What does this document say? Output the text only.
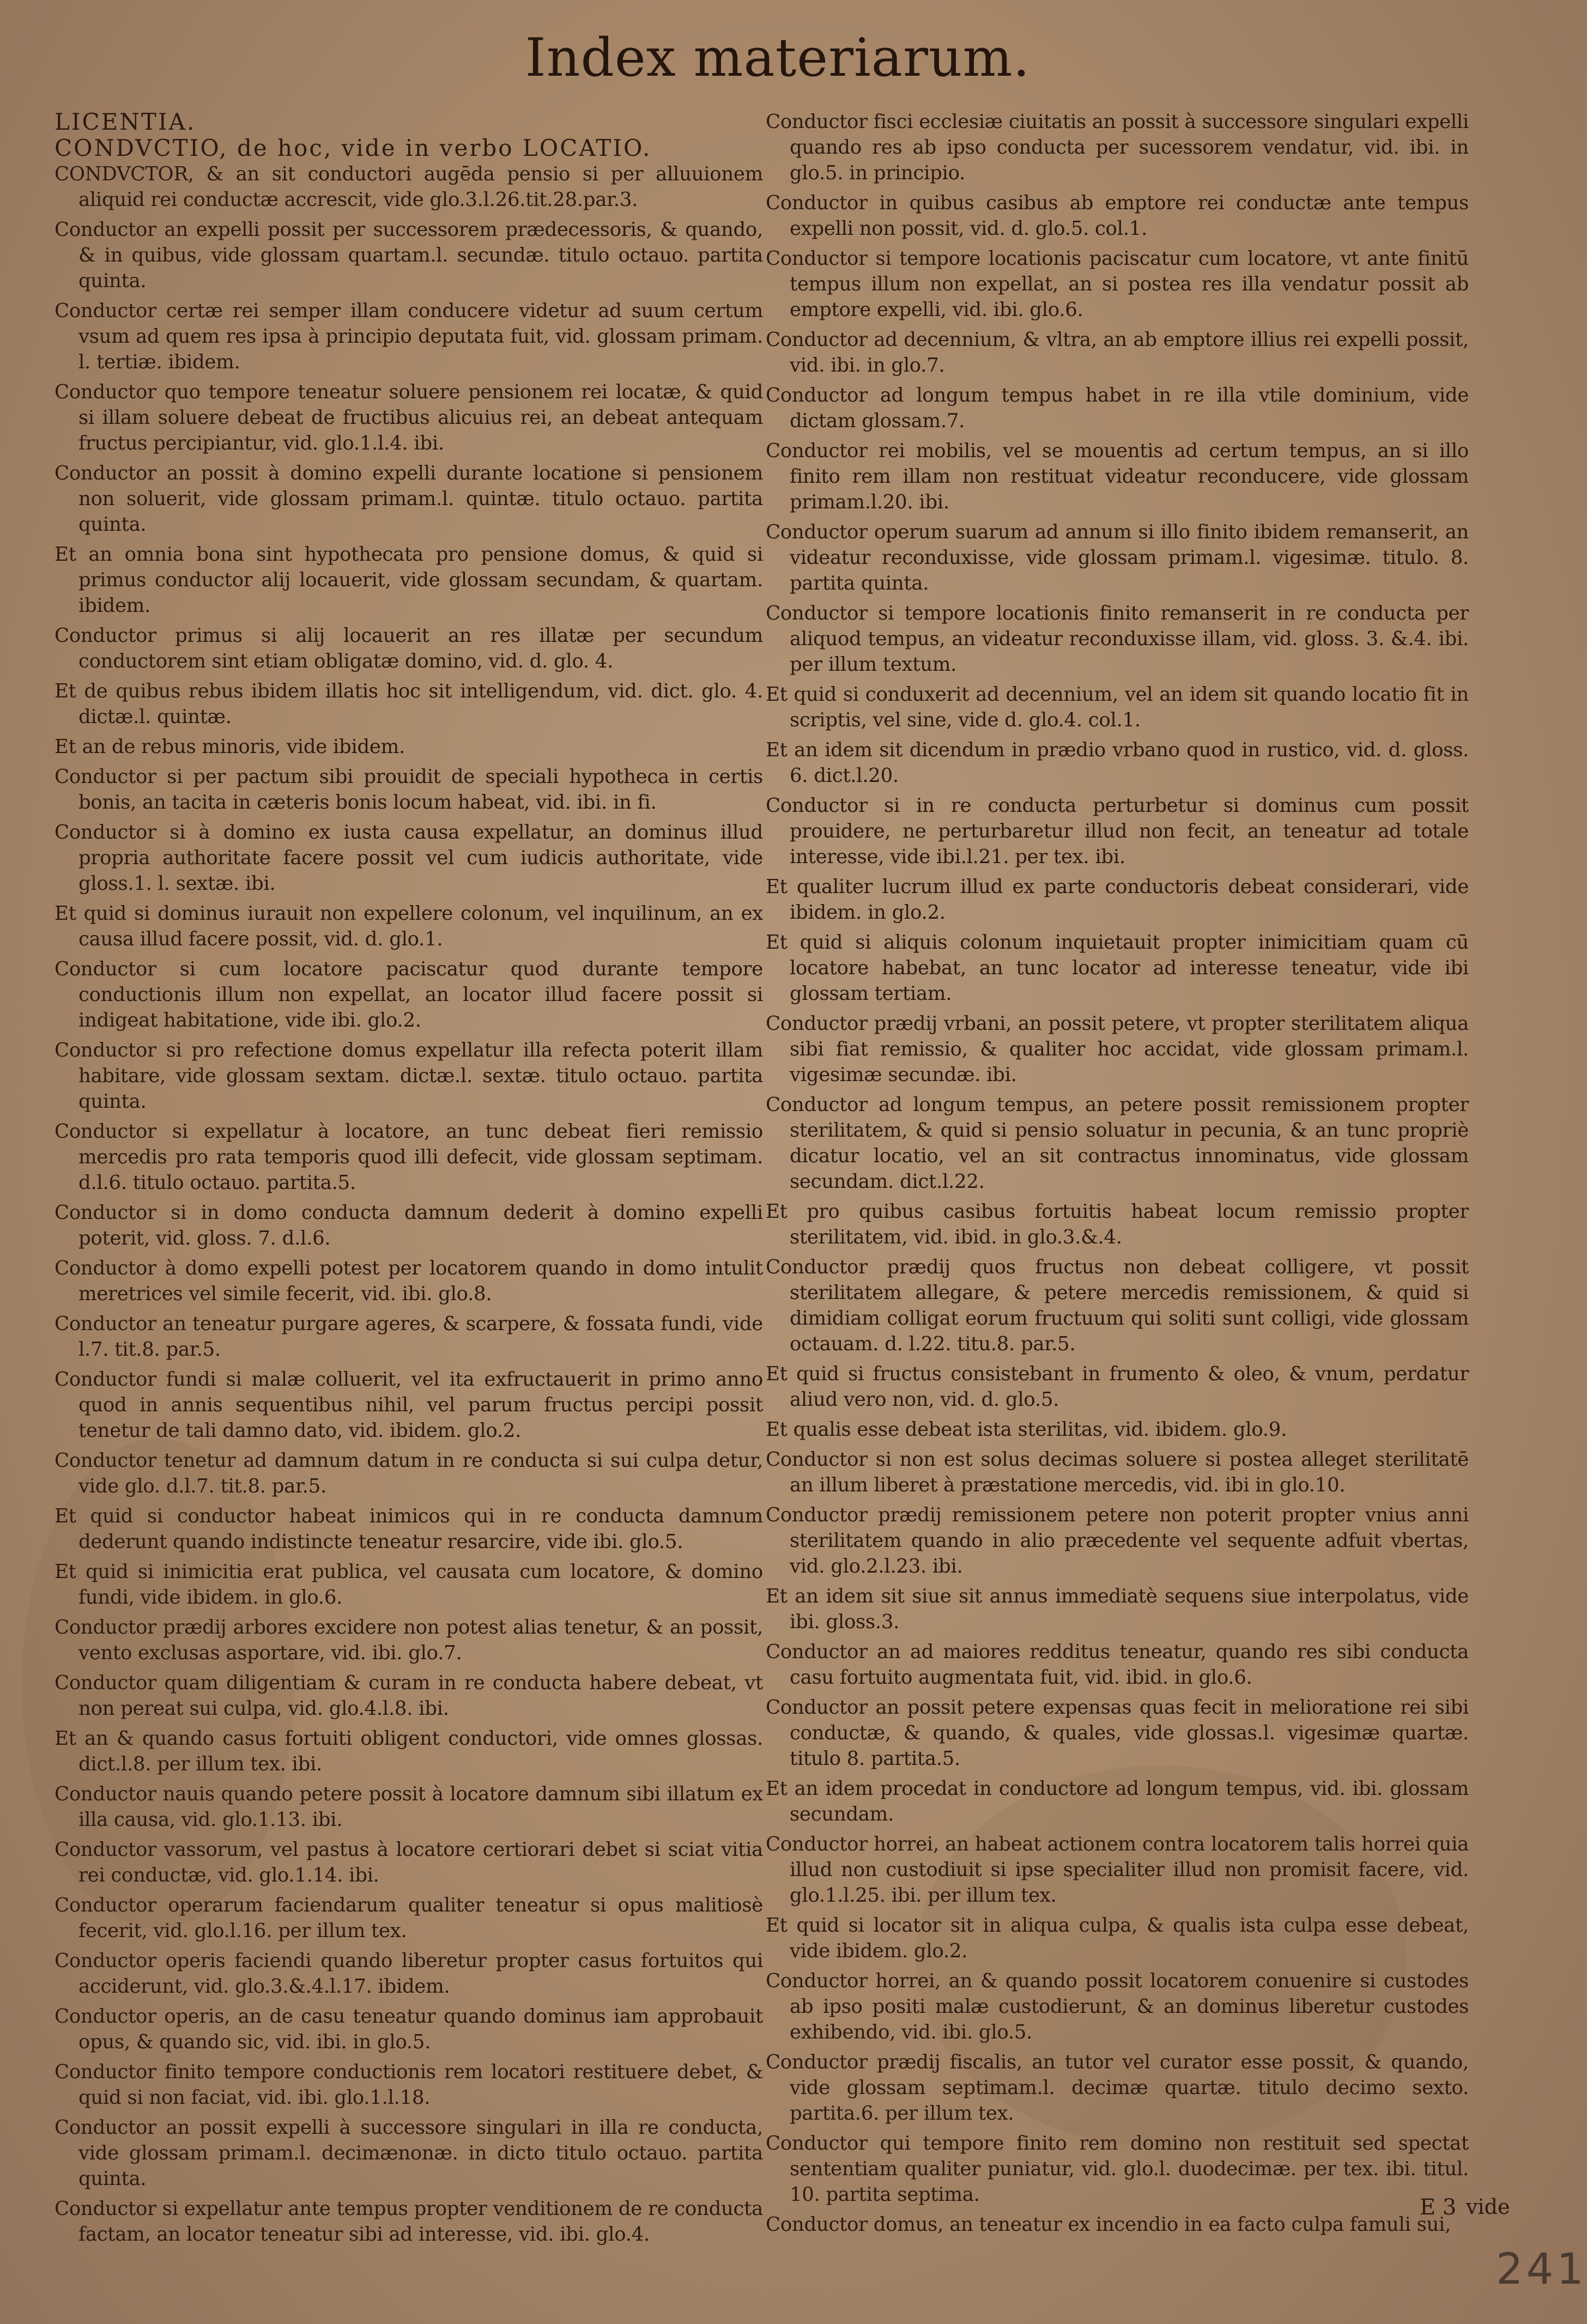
Index materiarum.

LICENTIA.

CONDVCTIO, de hoc, vide in verbo LOCATIO.

CONDVCTOR, & an sit conductori augēda pensio si per alluuionem aliquid rei conductæ accrescit, vide glo.3.l.26.tit.28.par.3.

Conductor an expelli possit per successorem prædecessoris, & quando, & in quibus, vide glossam quartam.l. secundæ. titulo octauo. partita quinta.

Conductor certæ rei semper illam conducere videtur ad suum certum vsum ad quem res ipsa à principio deputata fuit, vid. glossam primam. l. tertiæ. ibidem.

Conductor quo tempore teneatur soluere pensionem rei locatæ, & quid si illam soluere debeat de fructibus alicuius rei, an debeat antequam fructus percipiantur, vid. glo.1.l.4. ibi.

Conductor an possit à domino expelli durante locatione si pensionem non soluerit, vide glossam primam.l. quintæ. titulo octauo. partita quinta.

Et an omnia bona sint hypothecata pro pensione domus, & quid si primus conductor alij locauerit, vide glossam secundam, & quartam. ibidem.

Conductor primus si alij locauerit an res illatæ per secundum conductorem sint etiam obligatæ domino, vid. d. glo. 4.

Et de quibus rebus ibidem illatis hoc sit intelligendum, vid. dict. glo. 4. dictæ.l. quintæ.

Et an de rebus minoris, vide ibidem.

Conductor si per pactum sibi prouidit de speciali hypotheca in certis bonis, an tacita in cæteris bonis locum habeat, vid. ibi. in fi.

Conductor si à domino ex iusta causa expellatur, an dominus illud propria authoritate facere possit vel cum iudicis authoritate, vide gloss.1. l. sextæ. ibi.

Et quid si dominus iurauit non expellere colonum, vel inquilinum, an ex causa illud facere possit, vid. d. glo.1.

Conductor si cum locatore paciscatur quod durante tempore conductionis illum non expellat, an locator illud facere possit si indigeat habitatione, vide ibi. glo.2.

Conductor si pro refectione domus expellatur illa refecta poterit illam habitare, vide glossam sextam. dictæ.l. sextæ. titulo octauo. partita quinta.

Conductor si expellatur à locatore, an tunc debeat fieri remissio mercedis pro rata temporis quod illi defecit, vide glossam septimam. d.l.6. titulo octauo. partita.5.

Conductor si in domo conducta damnum dederit à domino expelli poterit, vid. gloss. 7. d.l.6.

Conductor à domo expelli potest per locatorem quando in domo intulit meretrices vel simile fecerit, vid. ibi. glo.8.

Conductor an teneatur purgare ageres, & scarpere, & fossata fundi, vide l.7. tit.8. par.5.

Conductor fundi si malæ colluerit, vel ita exfructauerit in primo anno quod in annis sequentibus nihil, vel parum fructus percipi possit tenetur de tali damno dato, vid. ibidem. glo.2.

Conductor tenetur ad damnum datum in re conducta si sui culpa detur, vide glo. d.l.7. tit.8. par.5.

Et quid si conductor habeat inimicos qui in re conducta damnum dederunt quando indistincte teneatur resarcire, vide ibi. glo.5.

Et quid si inimicitia erat publica, vel causata cum locatore, & domino fundi, vide ibidem. in glo.6.

Conductor prædij arbores excidere non potest alias tenetur, & an possit, vento exclusas asportare, vid. ibi. glo.7.

Conductor quam diligentiam & curam in re conducta habere debeat, vt non pereat sui culpa, vid. glo.4.l.8. ibi.

Et an & quando casus fortuiti obligent conductori, vide omnes glossas. dict.l.8. per illum tex. ibi.

Conductor nauis quando petere possit à locatore damnum sibi illatum ex illa causa, vid. glo.1.13. ibi.

Conductor vassorum, vel pastus à locatore certiorari debet si sciat vitia rei conductæ, vid. glo.1.14. ibi.

Conductor operarum faciendarum qualiter teneatur si opus malitiosè fecerit, vid. glo.l.16. per illum tex.

Conductor operis faciendi quando liberetur propter casus fortuitos qui acciderunt, vid. glo.3.&.4.l.17. ibidem.

Conductor operis, an de casu teneatur quando dominus iam approbauit opus, & quando sic, vid. ibi. in glo.5.

Conductor finito tempore conductionis rem locatori restituere debet, & quid si non faciat, vid. ibi. glo.1.l.18.

Conductor an possit expelli à successore singulari in illa re conducta, vide glossam primam.l. decimænonæ. in dicto titulo octauo. partita quinta.

Conductor si expellatur ante tempus propter venditionem de re conducta factam, an locator teneatur sibi ad interesse, vid. ibi. glo.4.

Conductor fisci ecclesiæ ciuitatis an possit à successore singulari expelli quando res ab ipso conducta per sucessorem vendatur, vid. ibi. in glo.5. in principio.

Conductor in quibus casibus ab emptore rei conductæ ante tempus expelli non possit, vid. d. glo.5. col.1.

Conductor si tempore locationis paciscatur cum locatore, vt ante finitū tempus illum non expellat, an si postea res illa vendatur possit ab emptore expelli, vid. ibi. glo.6.

Conductor ad decennium, & vltra, an ab emptore illius rei expelli possit, vid. ibi. in glo.7.

Conductor ad longum tempus habet in re illa vtile dominium, vide dictam glossam.7.

Conductor rei mobilis, vel se mouentis ad certum tempus, an si illo finito rem illam non restituat videatur reconducere, vide glossam primam.l.20. ibi.

Conductor operum suarum ad annum si illo finito ibidem remanserit, an videatur reconduxisse, vide glossam primam.l. vigesimæ. titulo. 8. partita quinta.

Conductor si tempore locationis finito remanserit in re conducta per aliquod tempus, an videatur reconduxisse illam, vid. gloss. 3. &.4. ibi. per illum textum.

Et quid si conduxerit ad decennium, vel an idem sit quando locatio fit in scriptis, vel sine, vide d. glo.4. col.1.

Et an idem sit dicendum in prædio vrbano quod in rustico, vid. d. gloss. 6. dict.l.20.

Conductor si in re conducta perturbetur si dominus cum possit prouidere, ne perturbaretur illud non fecit, an teneatur ad totale interesse, vide ibi.l.21. per tex. ibi.

Et qualiter lucrum illud ex parte conductoris debeat considerari, vide ibidem. in glo.2.

Et quid si aliquis colonum inquietauit propter inimicitiam quam cū locatore habebat, an tunc locator ad interesse teneatur, vide ibi glossam tertiam.

Conductor prædij vrbani, an possit petere, vt propter sterilitatem aliqua sibi fiat remissio, & qualiter hoc accidat, vide glossam primam.l. vigesimæ secundæ. ibi.

Conductor ad longum tempus, an petere possit remissionem propter sterilitatem, & quid si pensio soluatur in pecunia, & an tunc propriè dicatur locatio, vel an sit contractus innominatus, vide glossam secundam. dict.l.22.

Et pro quibus casibus fortuitis habeat locum remissio propter sterilitatem, vid. ibid. in glo.3.&.4.

Conductor prædij quos fructus non debeat colligere, vt possit sterilitatem allegare, & petere mercedis remissionem, & quid si dimidiam colligat eorum fructuum qui soliti sunt colligi, vide glossam octauam. d. l.22. titu.8. par.5.

Et quid si fructus consistebant in frumento & oleo, & vnum, perdatur aliud vero non, vid. d. glo.5.

Et qualis esse debeat ista sterilitas, vid. ibidem. glo.9.

Conductor si non est solus decimas soluere si postea alleget sterilitatē an illum liberet à præstatione mercedis, vid. ibi in glo.10.

Conductor prædij remissionem petere non poterit propter vnius anni sterilitatem quando in alio præcedente vel sequente adfuit vbertas, vid. glo.2.l.23. ibi.

Et an idem sit siue sit annus immediatè sequens siue interpolatus, vide ibi. gloss.3.

Conductor an ad maiores redditus teneatur, quando res sibi conducta casu fortuito augmentata fuit, vid. ibid. in glo.6.

Conductor an possit petere expensas quas fecit in melioratione rei sibi conductæ, & quando, & quales, vide glossas.l. vigesimæ quartæ. titulo 8. partita.5.

Et an idem procedat in conductore ad longum tempus, vid. ibi. glossam secundam.

Conductor horrei, an habeat actionem contra locatorem talis horrei quia illud non custodiuit si ipse specialiter illud non promisit facere, vid. glo.1.l.25. ibi. per illum tex.

Et quid si locator sit in aliqua culpa, & qualis ista culpa esse debeat, vide ibidem. glo.2.

Conductor horrei, an & quando possit locatorem conuenire si custodes ab ipso positi malæ custodierunt, & an dominus liberetur custodes exhibendo, vid. ibi. glo.5.

Conductor prædij fiscalis, an tutor vel curator esse possit, & quando, vide glossam septimam.l. decimæ quartæ. titulo decimo sexto. partita.6. per illum tex.

Conductor qui tempore finito rem domino non restituit sed spectat sententiam qualiter puniatur, vid. glo.l. duodecimæ. per tex. ibi. titul. 10. partita septima.

Conductor domus, an teneatur ex incendio in ea facto culpa famuli sui,

E 3 vide
241
